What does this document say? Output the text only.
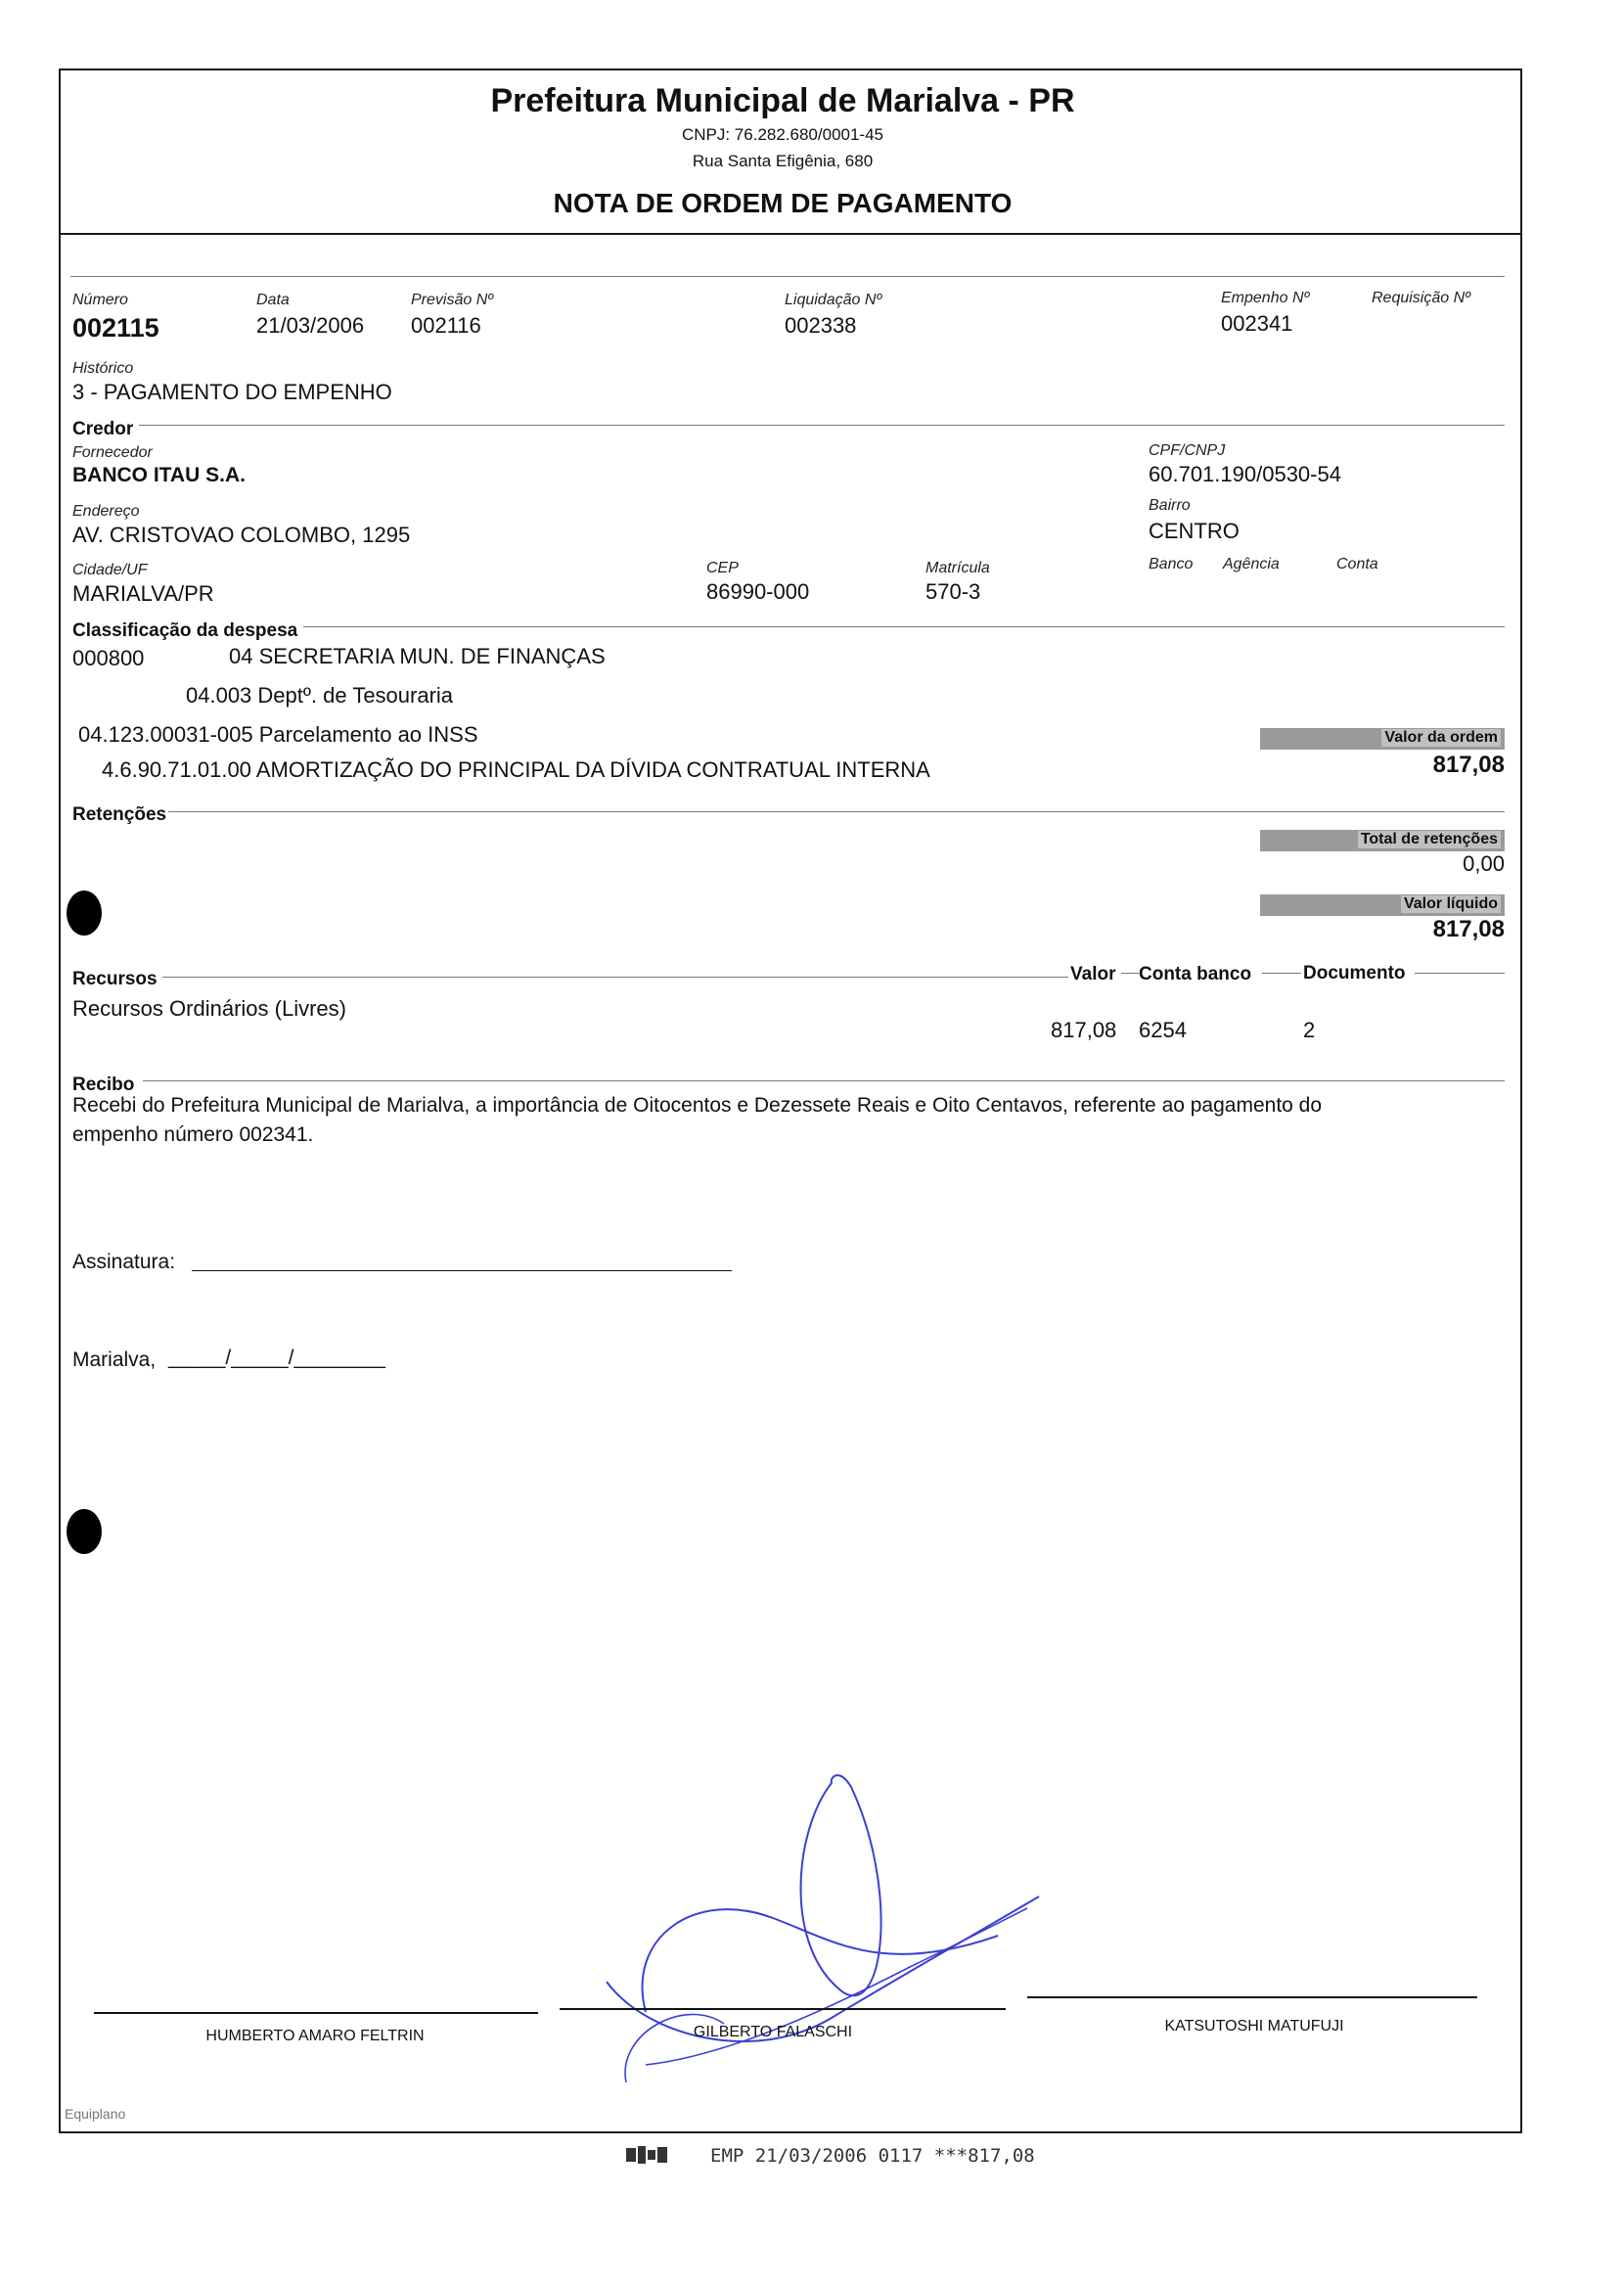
Prefeitura Municipal de Marialva - PR
CNPJ: 76.282.680/0001-45
Rua Santa Efigênia, 680
NOTA DE ORDEM DE PAGAMENTO
Número
002115
Data
21/03/2006
Previsão Nº
002116
Liquidação Nº
002338
Empenho Nº
002341
Requisição Nº
Histórico
3 - PAGAMENTO DO EMPENHO
Credor
Fornecedor
BANCO ITAU S.A.
CPF/CNPJ
60.701.190/0530-54
Endereço
AV. CRISTOVAO COLOMBO, 1295
Bairro
CENTRO
Cidade/UF
MARIALVA/PR
CEP
86990-000
Matrícula
570-3
Banco Agência	Conta
Classificação da despesa
000800	04 SECRETARIA MUN. DE FINANÇAS
04.003 Deptº. de Tesouraria
04.123.00031-005 Parcelamento ao INSS
4.6.90.71.01.00 AMORTIZAÇÃO DO PRINCIPAL DA DÍVIDA CONTRATUAL INTERNA
Valor da ordem
817,08
Retenções
Total de retenções
0,00
Valor líquido
817,08
Recursos	Valor Conta banco	Documento
Recursos Ordinários (Livres)
817,08 6254	2
Recibo
Recebi do Prefeitura Municipal de Marialva, a importância de Oitocentos e Dezessete Reais e Oito Centavos, referente ao pagamento do
empenho número 002341.
Assinatura:
Marialva, _____/_____/________
HUMBERTO AMARO FELTRIN	GILBERTO FALASCHI	KATSUTOSHI MATUFUJI
Equiplano
EMP 21/03/2006 0117 ***817,08
